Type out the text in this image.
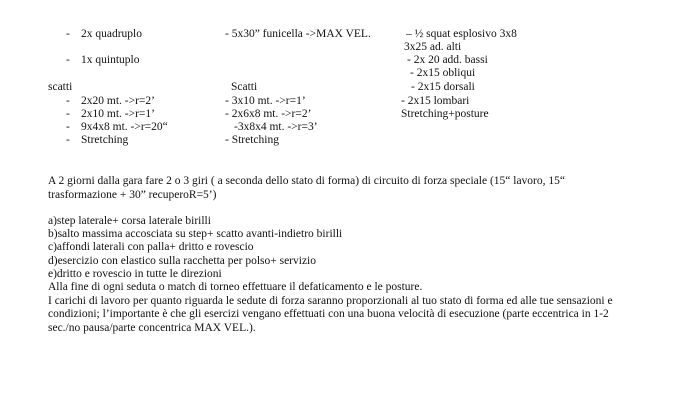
- 2x quadruplo
- 1x quintuplo
scatti
- 2x20 mt. ->r=2’
- 2x10 mt. ->r=1’
- 9x4x8 mt. ->r=20“
- Stretching
- 5x30” funicella ->MAX VEL.
Scatti
- 3x10 mt. ->r=1’
- 2x6x8 mt. ->r=2’
-3x8x4 mt. ->r=3’
- Stretching
– ½ squat esplosivo 3x8
3x25 ad. alti
- 2x 20 add. bassi
- 2x15 obliqui
- 2x15 dorsali
- 2x15 lombari
Stretching+posture
A 2 giorni dalla gara fare 2 o 3 giri ( a seconda dello stato di forma) di circuito di forza speciale (15“ lavoro, 15“
trasformazione + 30” recuperoR=5’)
a)step laterale+ corsa laterale birilli
b)salto massima accosciata su step+ scatto avanti-indietro birilli
c)affondi laterali con palla+ dritto e rovescio
d)esercizio con elastico sulla racchetta per polso+ servizio
e)dritto e rovescio in tutte le direzioni
Alla fine di ogni seduta o match di torneo effettuare il defaticamento e le posture.
I carichi di lavoro per quanto riguarda le sedute di forza saranno proporzionali al tuo stato di forma ed alle tue sensazioni e
condizioni; l’importante è che gli esercizi vengano effettuati con una buona velocità di esecuzione (parte eccentrica in 1-2
sec./no pausa/parte concentrica MAX VEL.).
